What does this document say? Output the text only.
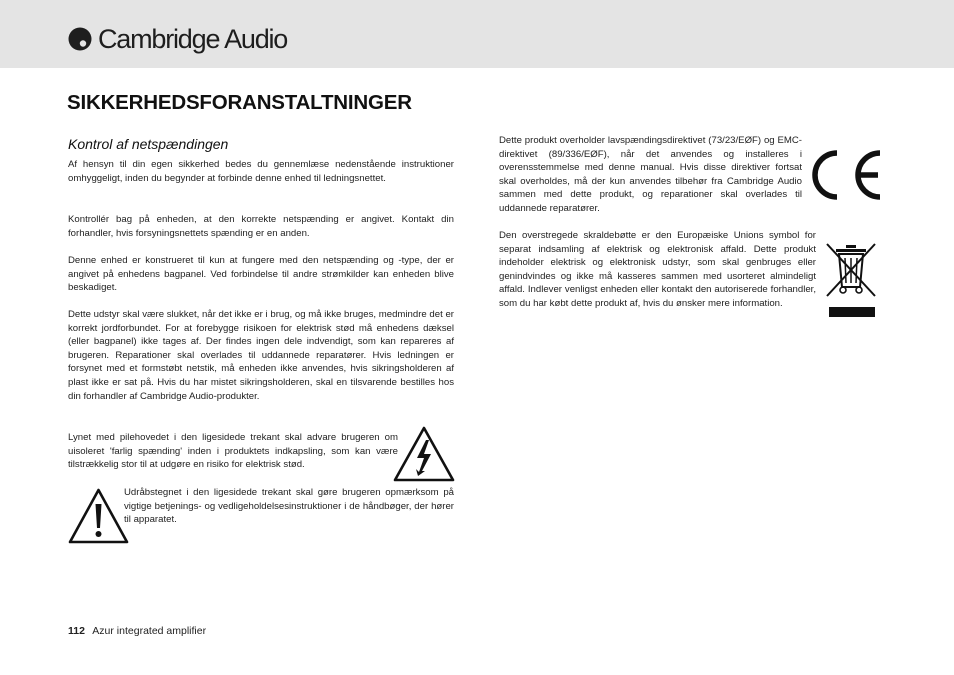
Cambridge Audio
SIKKERHEDSFORANSTALTNINGER
Kontrol af netspændingen

Af hensyn til din egen sikkerhed bedes du gennemlæse nedenstående instruktioner omhyggeligt, inden du begynder at forbinde denne enhed til ledningsnettet.

Kontrollér bag på enheden, at den korrekte netspænding er angivet. Kontakt din forhandler, hvis forsyningsnettets spænding er en anden.

Denne enhed er konstrueret til kun at fungere med den netspænding og -type, der er angivet på enhedens bagpanel. Ved forbindelse til andre strømkilder kan enheden blive beskadiget.

Dette udstyr skal være slukket, når det ikke er i brug, og må ikke bruges, medmindre det er korrekt jordforbundet. For at forebygge risikoen for elektrisk stød må enhedens dæksel (eller bagpanel) ikke tages af. Der findes ingen dele indvendigt, som kan repareres af brugeren. Reparationer skal overlades til uddannede reparatører. Hvis ledningen er forsynet med et formstøbt netstik, må enheden ikke anvendes, hvis sikringsholderen af plast ikke er sat på. Hvis du har mistet sikringsholderen, skal en tilsvarende bestilles hos din forhandler af Cambridge Audio-produkter.

Lynet med pilehovedet i den ligesidede trekant skal advare brugeren om uisoleret 'farlig spænding' inden i produktets indkapsling, som kan være tilstrækkelig stor til at udgøre en risiko for elektrisk stød.

Udråbstegnet i den ligesidede trekant skal gøre brugeren opmærksom på vigtige betjenings- og vedligeholdelsesinstruktioner i de håndbøger, der hører til apparatet.

Dette produkt overholder lavspændingsdirektivet (73/23/EØF) og EMC-direktivet (89/336/EØF), når det anvendes og installeres i overensstemmelse med denne manual. Hvis disse direktiver fortsat skal overholdes, må der kun anvendes tilbehør fra Cambridge Audio sammen med dette produkt, og reparationer skal overlades til uddannede reparatører.

Den overstregede skraldebøtte er den Europæiske Unions symbol for separat indsamling af elektrisk og elektronisk affald. Dette produkt indeholder elektrisk og elektronisk udstyr, som skal genbruges eller genindvindes og ikke må kasseres sammen med usorteret almindeligt affald. Indlever venligst enheden eller kontakt den autoriserede forhandler, som du har købt dette produkt af, hvis du ønsker mere information.

112 Azur integrated amplifier
